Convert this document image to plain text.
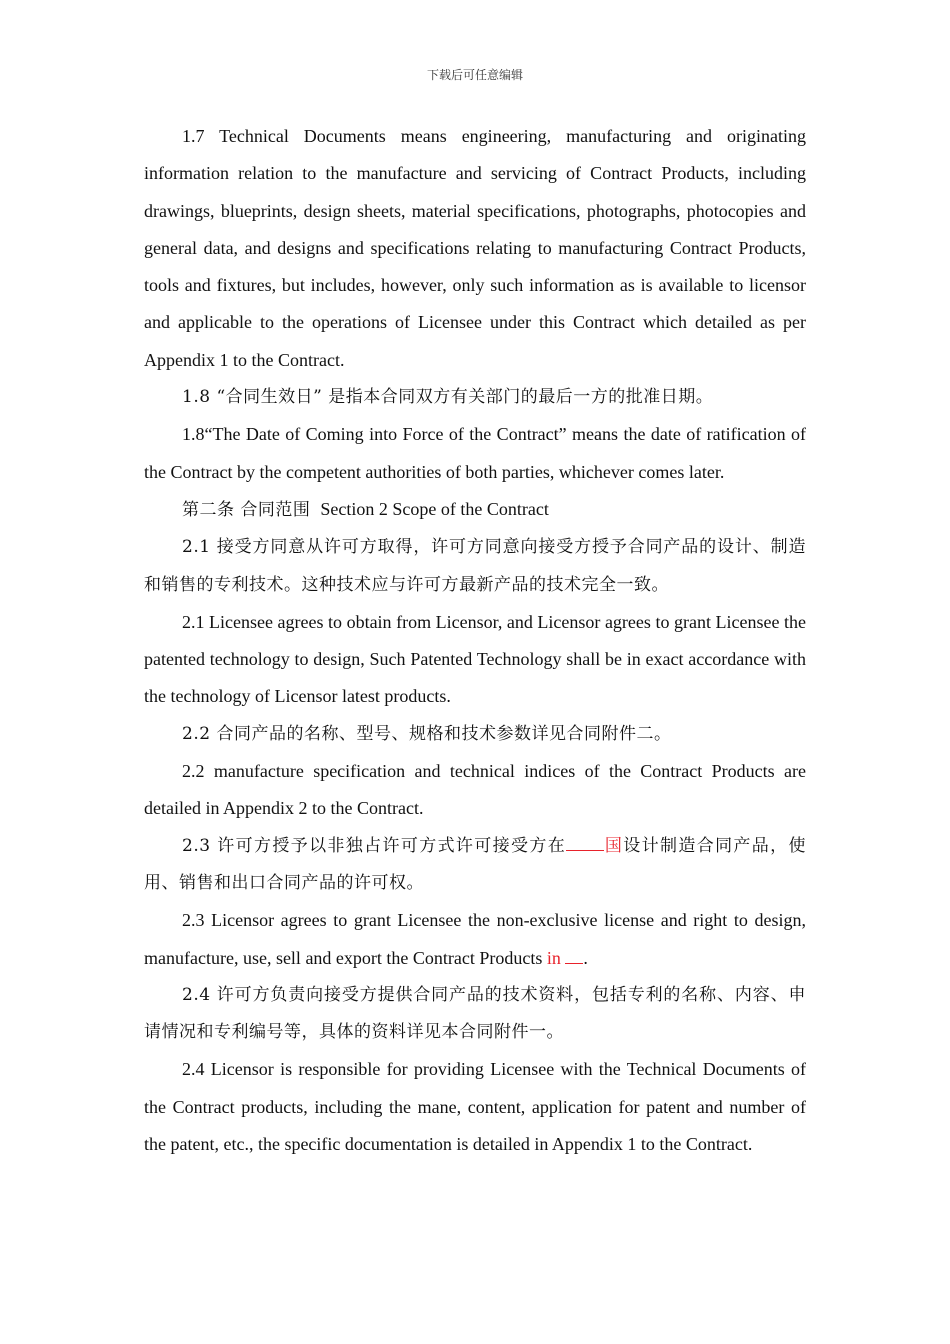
下载后可任意编辑

1.7 Technical Documents means engineering, manufacturing and originating information relation to the manufacture and servicing of Contract Products, including drawings, blueprints, design sheets, material specifications, photographs, photocopies and general data, and designs and specifications relating to manufacturing Contract Products, tools and fixtures, but includes, however, only such information as is available to licensor and applicable to the operations of Licensee under this Contract which detailed as per Appendix 1 to the Contract.

1.8 “合同生效日” 是指本合同双方有关部门的最后一方的批准日期。

1.8“The Date of Coming into Force of the Contract” means the date of ratification of the Contract by the competent authorities of both parties, whichever comes later.

第二条 合同范围 Section 2 Scope of the Contract

2.1 接受方同意从许可方取得，许可方同意向接受方授予合同产品的设计、制造和销售的专利技术。这种技术应与许可方最新产品的技术完全一致。

2.1 Licensee agrees to obtain from Licensor, and Licensor agrees to grant Licensee the patented technology to design, Such Patented Technology shall be in exact accordance with the technology of Licensor latest products.

2.2 合同产品的名称、型号、规格和技术参数详见合同附件二。

2.2 manufacture specification and technical indices of the Contract Products are detailed in Appendix 2 to the Contract.

2.3 许可方授予以非独占许可方式许可接受方在 国设计制造合同产品，使用、销售和出口合同产品的许可权。

2.3 Licensor agrees to grant Licensee the non-exclusive license and right to design, manufacture, use, sell and export the Contract Products in .

2.4 许可方负责向接受方提供合同产品的技术资料，包括专利的名称、内容、申请情况和专利编号等，具体的资料详见本合同附件一。

2.4 Licensor is responsible for providing Licensee with the Technical Documents of the Contract products, including the mane, content, application for patent and number of the patent, etc., the specific documentation is detailed in Appendix 1 to the Contract.
